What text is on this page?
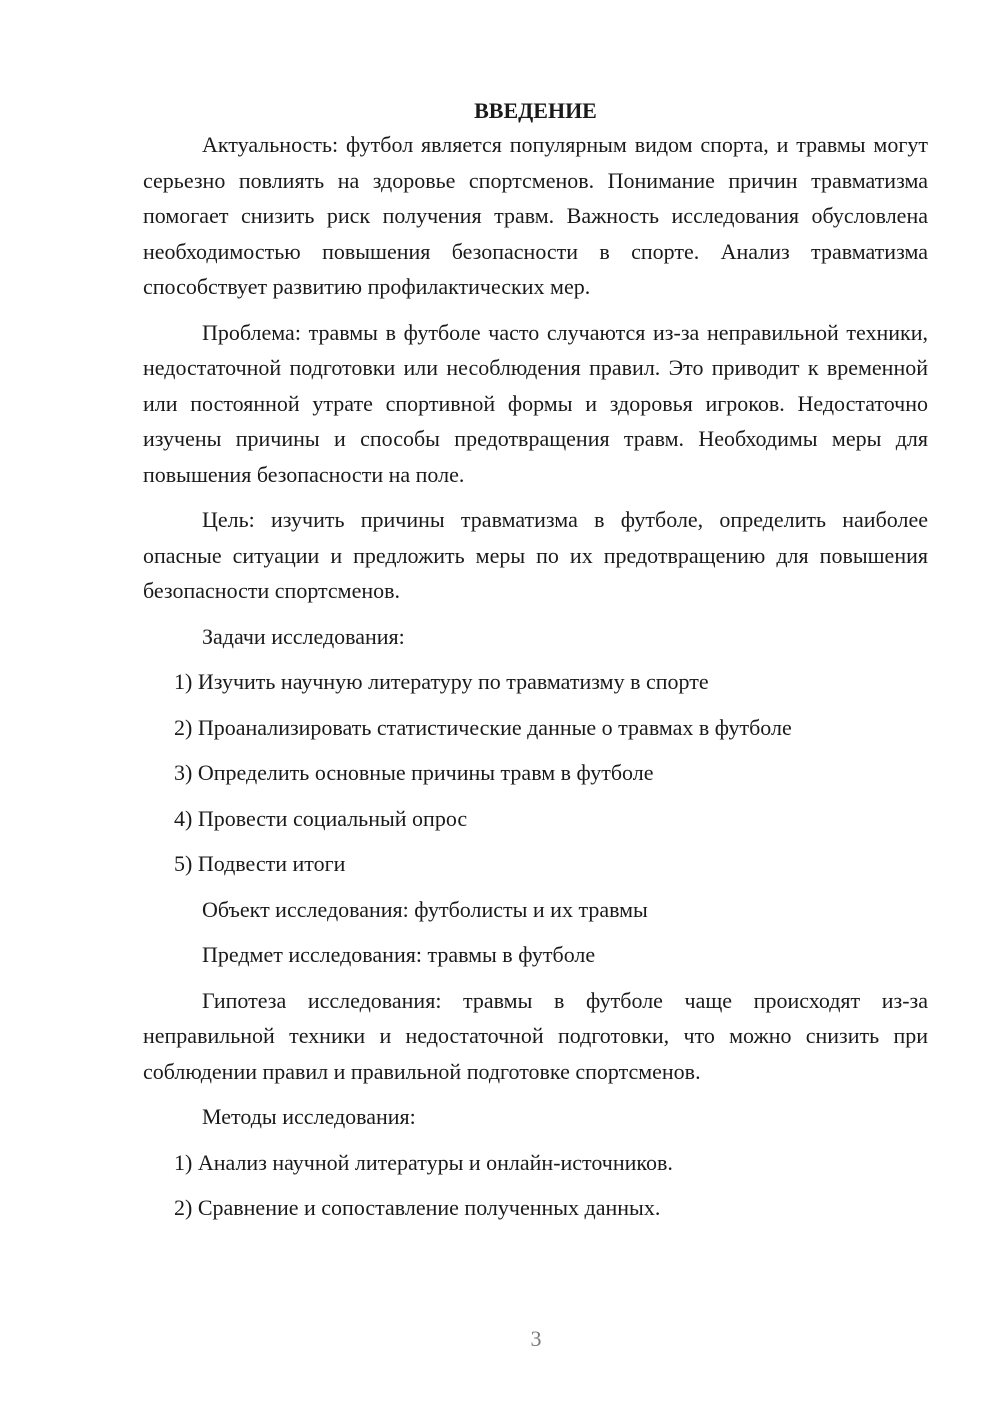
ВВЕДЕНИЕ

Актуальность: футбол является популярным видом спорта, и травмы могут серьезно повлиять на здоровье спортсменов. Понимание причин травматизма помогает снизить риск получения травм. Важность исследования обусловлена необходимостью повышения безопасности в спорте. Анализ травматизма способствует развитию профилактических мер.

Проблема: травмы в футболе часто случаются из-за неправильной техники, недостаточной подготовки или несоблюдения правил. Это приводит к временной или постоянной утрате спортивной формы и здоровья игроков. Недостаточно изучены причины и способы предотвращения травм. Необходимы меры для повышения безопасности на поле.

Цель: изучить причины травматизма в футболе, определить наиболее опасные ситуации и предложить меры по их предотвращению для повышения безопасности спортсменов.

Задачи исследования:
1) Изучить научную литературу по травматизму в спорте
2) Проанализировать статистические данные о травмах в футболе
3) Определить основные причины травм в футболе
4) Провести социальный опрос
5) Подвести итоги
Объект исследования: футболисты и их травмы
Предмет исследования: травмы в футболе

Гипотеза исследования: травмы в футболе чаще происходят из-за неправильной техники и недостаточной подготовки, что можно снизить при соблюдении правил и правильной подготовке спортсменов.

Методы исследования:
1) Анализ научной литературы и онлайн-источников.
2) Сравнение и сопоставление полученных данных.
3
